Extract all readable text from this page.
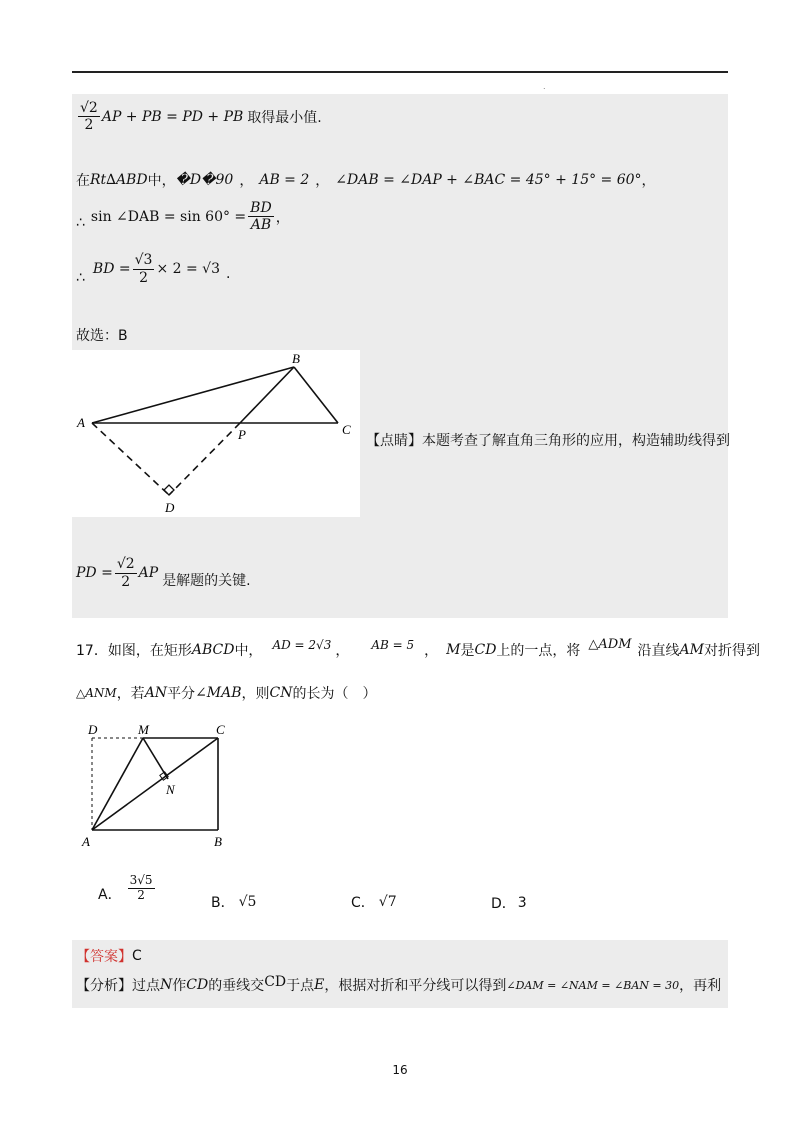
.
$\frac{√2}{2}$ AP + PB = PD + PB 取得最小值.
在 Rt∆ABD 中， �D�90 ， AB = 2 ， ∠DAB = ∠DAP + ∠BAC = 45° + 15° = 60° ，
∴ sin ∠DAB = $\sin 60^\circ = \frac{BD}{AB}$ ，
∴
BD = $\frac{√3}{2} \times 2 = √3$ .
故选：B
A
B
C
P
D
【点睛】 本题考查了解直角三角形的应用，构造辅助线得到
PD = $\frac{√2}{2}$ AP 是解题的关键.
17．如图，在矩形 ABCD 中， AD = 2√3 ， AB = 5 ， M 是 CD 上的一点，将 △ADM 沿直线 AM 对折得到
△ANM ，若 AN 平分 ∠MAB ，则 CN 的长为（　）
D	M	C
N
A	B
A． $\frac{3√5}{2}$
B． √5	C． √7	D． 3
【答案】 C
【分析】 过点 N 作 CD 的垂线交 CD 于点 E ，根据对折和平分线可以得到 ∠DAM = ∠NAM = ∠BAN = 30 ，再利
16
